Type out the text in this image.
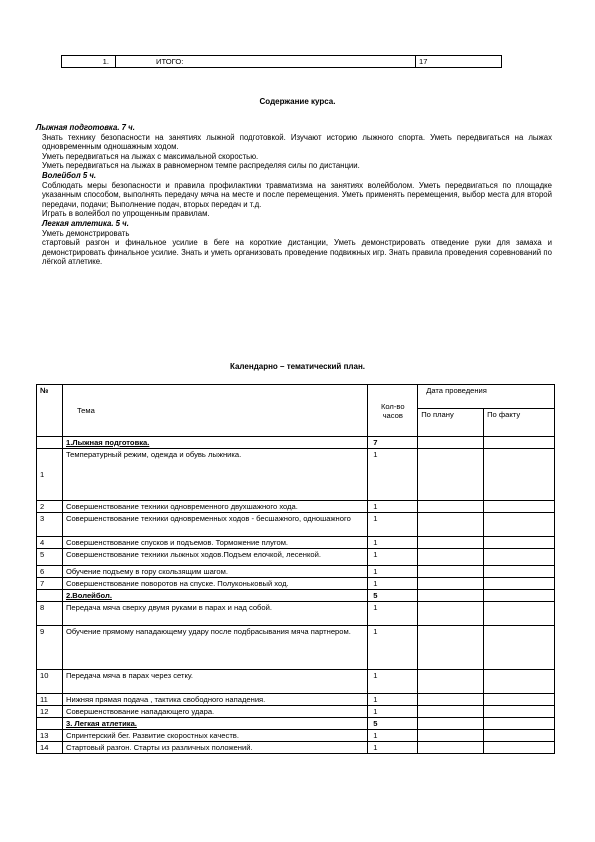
1.	ИТОГО:	17
Содержание курса.

Лыжная подготовка. 7 ч.

Знать технику безопасности на занятиях лыжной подготовкой. Изучают историю лыжного спорта. Уметь передвигаться на лыжах одновременным одношажным ходом.

Уметь передвигаться на лыжах с максимальной скоростью.

Уметь передвигаться на лыжах в равномерном темпе распределяя силы по дистанции.

Волейбол 5 ч.

Соблюдать меры безопасности и правила профилактики травматизма на занятиях волейболом. Уметь передвигаться по площадке указанным способом, выполнять передачу мяча на месте и после перемещения. Уметь применять перемещения, выбор места для второй передачи, подачи; Выполнение подач, вторых передач и т.д.

Играть в волейбол по упрощенным правилам.

Легкая атлетика. 5 ч.

Уметь демонстрировать

стартовый разгон и финальное усилие в беге на короткие дистанции, Уметь демонстрировать отведение руки для замаха и демонстрировать финальное усилие. Знать и уметь организовать проведение подвижных игр. Знать правила проведения соревнований по лёгкой атлетике.

Календарно – тематический план.
№	Тема	Кол-во часов	Дата проведения	
			По плану	По факту
	1.Лыжная подготовка.	7		
1	Температурный режим, одежда и обувь лыжника.	1		
2	Совершенствование техники одновременного двухшажного хода.	1		
3	Совершенствование техники одновременных ходов - бесшажного, одношажного	1		
4	Совершенствование спусков и подъемов. Торможение плугом.	1		
5	Совершенствование техники лыжных ходов.Подъем елочкой, лесенкой.	1		
6	Обучение подъему в гору скользящим шагом.	1		
7	Совершенствование поворотов на спуске. Полуконьковый ход.	1		
	2.Волейбол.	5		
8	Передача мяча сверху двумя руками в парах и над собой.	1		
9	Обучение прямому нападающему удару после подбрасывания мяча партнером.	1		
10	Передача мяча в парах через сетку.	1		
11	Нижняя прямая подача , тактика свободного нападения.	1		
12	Совершенствование нападающего удара.	1		
	3. Легкая атлетика.	5		
13	Спринтерский бег. Развитие скоростных качеств.	1		
14	Стартовый разгон. Старты из различных положений.	1		
